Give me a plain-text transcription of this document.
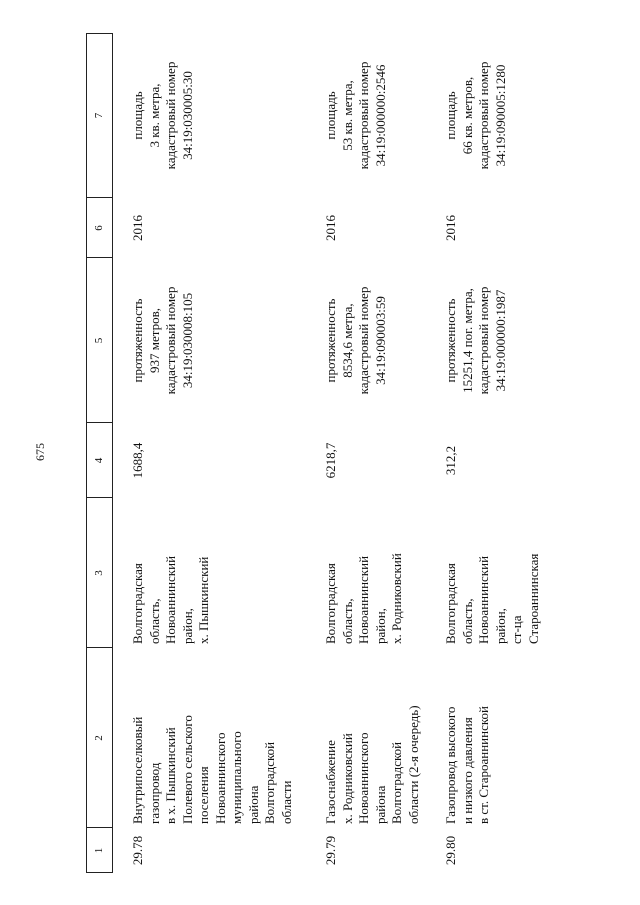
675
1
2
3
4
5
6
7
29.78
Внутрипоселковый
газопровод
в х. Пышкинский
Полевого сельского
поселения
Новоаннинского
муниципального
района
Волгоградской
области
Волгоградская
область,
Новоаннинский
район,
х. Пышкинский
1688,4
протяженность
937 метров,
кадастровый номер
34:19:030008:105
2016
площадь
3 кв. метра,
кадастровый номер
34:19:030005:30
29.79
Газоснабжение
х. Родниковский
Новоаннинского
района
Волгоградской
области (2-я очередь)
Волгоградская
область,
Новоаннинский
район,
х. Родниковский
6218,7
протяженность
8534,6 метра,
кадастровый номер
34:19:090003:59
2016
площадь
53 кв. метра,
кадастровый номер
34:19:000000:2546
29.80
Газопровод высокого
и низкого давления
в ст. Староаннинской
Волгоградская
область,
Новоаннинский
район,
ст-ца
Староаннинская
312,2
протяженность
15251,4 пог. метра,
кадастровый номер
34:19:000000:1987
2016
площадь
66 кв. метров,
кадастровый номер
34:19:090005:1280
